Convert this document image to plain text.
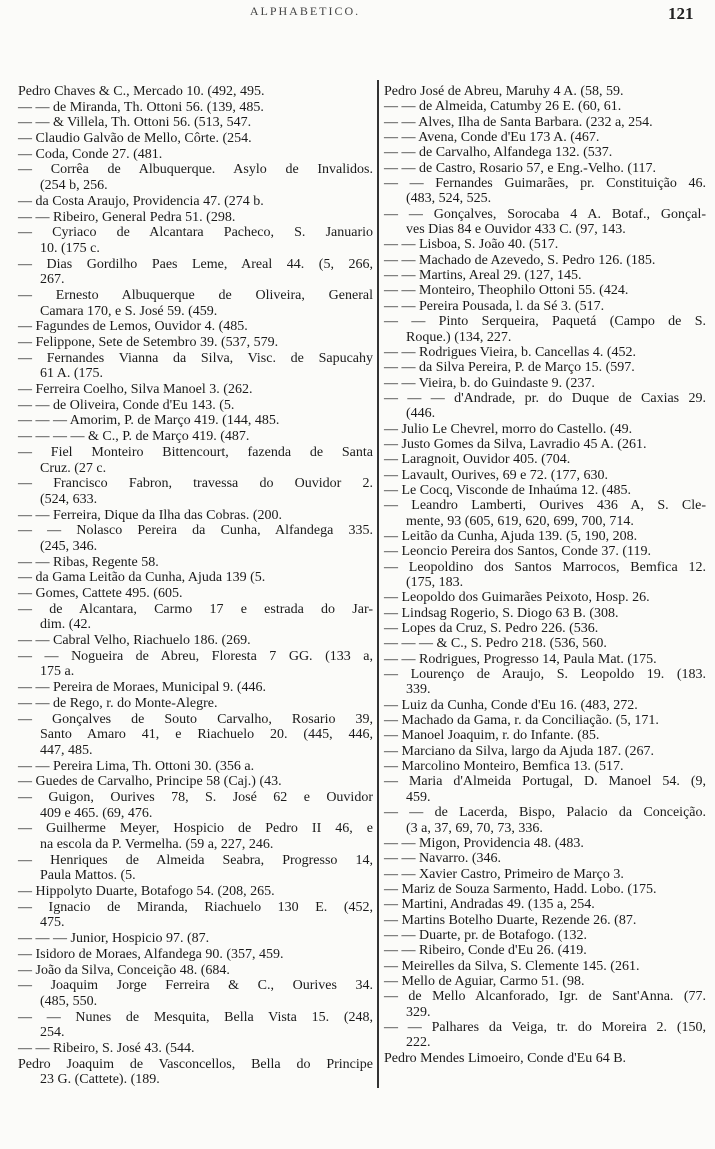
ALPHABETICO.	121
Pedro Chaves & C., Mercado 10. (492, 495.
— — de Miranda, Th. Ottoni 56. (139, 485.
— — & Villela, Th. Ottoni 56. (513, 547.
— Claudio Galvão de Mello, Côrte. (254.
— Coda, Conde 27. (481.
— Corrêa de Albuquerque. Asylo de Invalidos.
(254 b, 256.
— da Costa Araujo, Providencia 47. (274 b.
— — Ribeiro, General Pedra 51. (298.
— Cyriaco de Alcantara Pacheco, S. Januario
10. (175 c.
— Dias Gordilho Paes Leme, Areal 44. (5, 266,
267.
— Ernesto Albuquerque de Oliveira, General
Camara 170, e S. José 59. (459.
— Fagundes de Lemos, Ouvidor 4. (485.
— Felippone, Sete de Setembro 39. (537, 579.
— Fernandes Vianna da Silva, Visc. de Sapucahy
61 A. (175.
— Ferreira Coelho, Silva Manoel 3. (262.
— — de Oliveira, Conde d'Eu 143. (5.
— — — Amorim, P. de Março 419. (144, 485.
— — — — & C., P. de Março 419. (487.
— Fiel Monteiro Bittencourt, fazenda de Santa
Cruz. (27 c.
— Francisco Fabron, travessa do Ouvidor 2.
(524, 633.
— — Ferreira, Dique da Ilha das Cobras. (200.
— — Nolasco Pereira da Cunha, Alfandega 335.
(245, 346.
— — Ribas, Regente 58.
— da Gama Leitão da Cunha, Ajuda 139 (5.
— Gomes, Cattete 495. (605.
— de Alcantara, Carmo 17 e estrada do Jar-
dim. (42.
— — Cabral Velho, Riachuelo 186. (269.
— — Nogueira de Abreu, Floresta 7 GG. (133 a,
175 a.
— — Pereira de Moraes, Municipal 9. (446.
— — de Rego, r. do Monte-Alegre.
— Gonçalves de Souto Carvalho, Rosario 39,
Santo Amaro 41, e Riachuelo 20. (445, 446,
447, 485.
— — Pereira Lima, Th. Ottoni 30. (356 a.
— Guedes de Carvalho, Principe 58 (Caj.) (43.
— Guigon, Ourives 78, S. José 62 e Ouvidor
409 e 465. (69, 476.
— Guilherme Meyer, Hospicio de Pedro II 46, e
na escola da P. Vermelha. (59 a, 227, 246.
— Henriques de Almeida Seabra, Progresso 14,
Paula Mattos. (5.
— Hippolyto Duarte, Botafogo 54. (208, 265.
— Ignacio de Miranda, Riachuelo 130 E. (452,
475.
— — — Junior, Hospicio 97. (87.
— Isidoro de Moraes, Alfandega 90. (357, 459.
— João da Silva, Conceição 48. (684.
— Joaquim Jorge Ferreira & C., Ourives 34.
(485, 550.
— — Nunes de Mesquita, Bella Vista 15. (248,
254.
— — Ribeiro, S. José 43. (544.
Pedro Joaquim de Vasconcellos, Bella do Principe
23 G. (Cattete). (189.
Pedro José de Abreu, Maruhy 4 A. (58, 59.
— — de Almeida, Catumby 26 E. (60, 61.
— — Alves, Ilha de Santa Barbara. (232 a, 254.
— — Avena, Conde d'Eu 173 A. (467.
— — de Carvalho, Alfandega 132. (537.
— — de Castro, Rosario 57, e Eng.-Velho. (117.
— — Fernandes Guimarães, pr. Constituição 46.
(483, 524, 525.
— — Gonçalves, Sorocaba 4 A. Botaf., Gonçal-
ves Dias 84 e Ouvidor 433 C. (97, 143.
— — Lisboa, S. João 40. (517.
— — Machado de Azevedo, S. Pedro 126. (185.
— — Martins, Areal 29. (127, 145.
— — Monteiro, Theophilo Ottoni 55. (424.
— — Pereira Pousada, l. da Sé 3. (517.
— — Pinto Serqueira, Paquetá (Campo de S.
Roque.) (134, 227.
— — Rodrigues Vieira, b. Cancellas 4. (452.
— — da Silva Pereira, P. de Março 15. (597.
— — Vieira, b. do Guindaste 9. (237.
— — — d'Andrade, pr. do Duque de Caxias 29.
(446.
— Julio Le Chevrel, morro do Castello. (49.
— Justo Gomes da Silva, Lavradio 45 A. (261.
— Laragnoit, Ouvidor 405. (704.
— Lavault, Ourives, 69 e 72. (177, 630.
— Le Cocq, Visconde de Inhaúma 12. (485.
— Leandro Lamberti, Ourives 436 A, S. Cle-
mente, 93 (605, 619, 620, 699, 700, 714.
— Leitão da Cunha, Ajuda 139. (5, 190, 208.
— Leoncio Pereira dos Santos, Conde 37. (119.
— Leopoldino dos Santos Marrocos, Bemfica 12.
(175, 183.
— Leopoldo dos Guimarães Peixoto, Hosp. 26.
— Lindsag Rogerio, S. Diogo 63 B. (308.
— Lopes da Cruz, S. Pedro 226. (536.
— — — & C., S. Pedro 218. (536, 560.
— — Rodrigues, Progresso 14, Paula Mat. (175.
— Lourenço de Araujo, S. Leopoldo 19. (183.
339.
— Luiz da Cunha, Conde d'Eu 16. (483, 272.
— Machado da Gama, r. da Conciliação. (5, 171.
— Manoel Joaquim, r. do Infante. (85.
— Marciano da Silva, largo da Ajuda 187. (267.
— Marcolino Monteiro, Bemfica 13. (517.
— Maria d'Almeida Portugal, D. Manoel 54. (9,
459.
— — de Lacerda, Bispo, Palacio da Conceição.
(3 a, 37, 69, 70, 73, 336.
— — Migon, Providencia 48. (483.
— — Navarro. (346.
— — Xavier Castro, Primeiro de Março 3.
— Mariz de Souza Sarmento, Hadd. Lobo. (175.
— Martini, Andradas 49. (135 a, 254.
— Martins Botelho Duarte, Rezende 26. (87.
— — Duarte, pr. de Botafogo. (132.
— — Ribeiro, Conde d'Eu 26. (419.
— Meirelles da Silva, S. Clemente 145. (261.
— Mello de Aguiar, Carmo 51. (98.
— de Mello Alcanforado, Igr. de Sant'Anna. (77.
329.
— — Palhares da Veiga, tr. do Moreira 2. (150,
222.
Pedro Mendes Limoeiro, Conde d'Eu 64 B.
